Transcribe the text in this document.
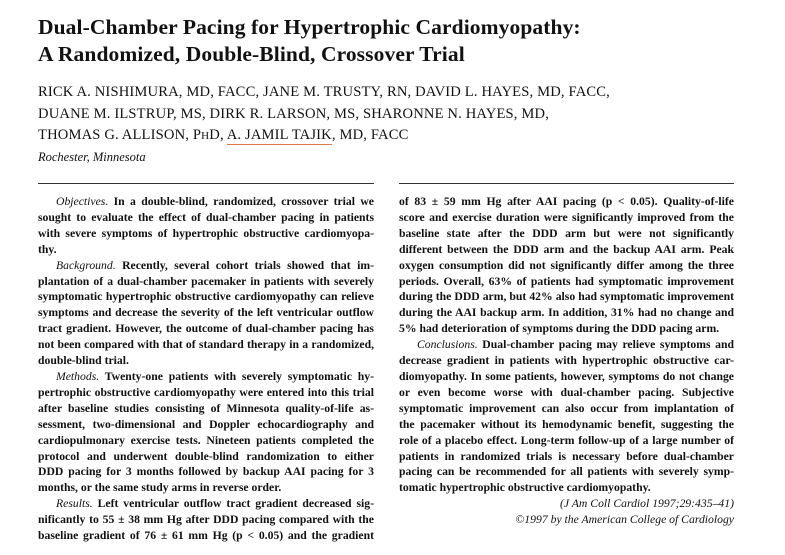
Dual-Chamber Pacing for Hypertrophic Cardiomyopathy:
A Randomized, Double-Blind, Crossover Trial
RICK A. NISHIMURA, MD, FACC, JANE M. TRUSTY, RN, DAVID L. HAYES, MD, FACC,
DUANE M. ILSTRUP, MS, DIRK R. LARSON, MS, SHARONNE N. HAYES, MD,
THOMAS G. ALLISON, PHD, A. JAMIL TAJIK, MD, FACC
Rochester, Minnesota
Objectives. In a double-blind, randomized, crossover trial we
sought to evaluate the effect of dual-chamber pacing in patients
with severe symptoms of hypertrophic obstructive cardiomyopa-
thy.
Background. Recently, several cohort trials showed that im-
plantation of a dual-chamber pacemaker in patients with severely
symptomatic hypertrophic obstructive cardiomyopathy can relieve
symptoms and decrease the severity of the left ventricular outflow
tract gradient. However, the outcome of dual-chamber pacing has
not been compared with that of standard therapy in a randomized,
double-blind trial.
Methods. Twenty-one patients with severely symptomatic hy-
pertrophic obstructive cardiomyopathy were entered into this trial
after baseline studies consisting of Minnesota quality-of-life as-
sessment, two-dimensional and Doppler echocardiography and
cardiopulmonary exercise tests. Nineteen patients completed the
protocol and underwent double-blind randomization to either
DDD pacing for 3 months followed by backup AAI pacing for 3
months, or the same study arms in reverse order.
Results. Left ventricular outflow tract gradient decreased sig-
nificantly to 55 ± 38 mm Hg after DDD pacing compared with the
baseline gradient of 76 ± 61 mm Hg (p < 0.05) and the gradient
of 83 ± 59 mm Hg after AAI pacing (p < 0.05). Quality-of-life
score and exercise duration were significantly improved from the
baseline state after the DDD arm but were not significantly
different between the DDD arm and the backup AAI arm. Peak
oxygen consumption did not significantly differ among the three
periods. Overall, 63% of patients had symptomatic improvement
during the DDD arm, but 42% also had symptomatic improvement
during the AAI backup arm. In addition, 31% had no change and
5% had deterioration of symptoms during the DDD pacing arm.
Conclusions. Dual-chamber pacing may relieve symptoms and
decrease gradient in patients with hypertrophic obstructive car-
diomyopathy. In some patients, however, symptoms do not change
or even become worse with dual-chamber pacing. Subjective
symptomatic improvement can also occur from implantation of
the pacemaker without its hemodynamic benefit, suggesting the
role of a placebo effect. Long-term follow-up of a large number of
patients in randomized trials is necessary before dual-chamber
pacing can be recommended for all patients with severely symp-
tomatic hypertrophic obstructive cardiomyopathy.
(J Am Coll Cardiol 1997;29:435–41)
©1997 by the American College of Cardiology
